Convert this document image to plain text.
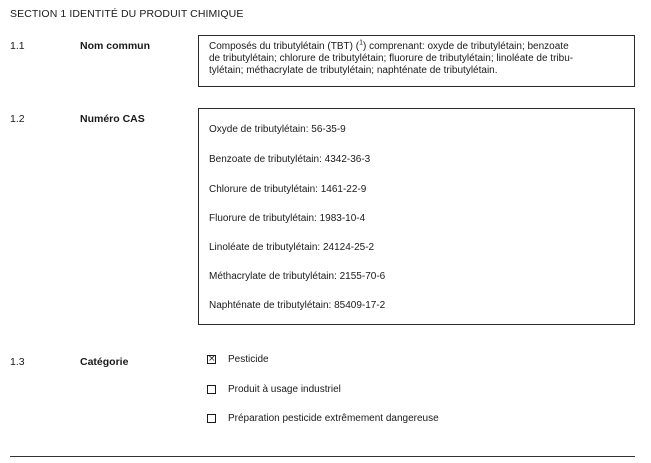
SECTION 1 IDENTITÉ DU PRODUIT CHIMIQUE
1.1	Nom commun	Composés du tributylétain (TBT) ($^1$) comprenant: oxyde de tributylétain; benzoate
de tributylétain; chlorure de tributylétain; fluorure de tributylétain; linoléate de tribu-
tylétain; méthacrylate de tributylétain; naphténate de tributylétain.
1.2	Numéro CAS
Oxyde de tributylétain: 56-35-9
Benzoate de tributylétain: 4342-36-3
Chlorure de tributylétain: 1461-22-9
Fluorure de tributylétain: 1983-10-4
Linoléate de tributylétain: 24124-25-2
Méthacrylate de tributylétain: 2155-70-6
Naphténate de tributylétain: 85409-17-2
1.3	Catégorie	× Pesticide
Produit à usage industriel
Préparation pesticide extrêmement dangereuse
